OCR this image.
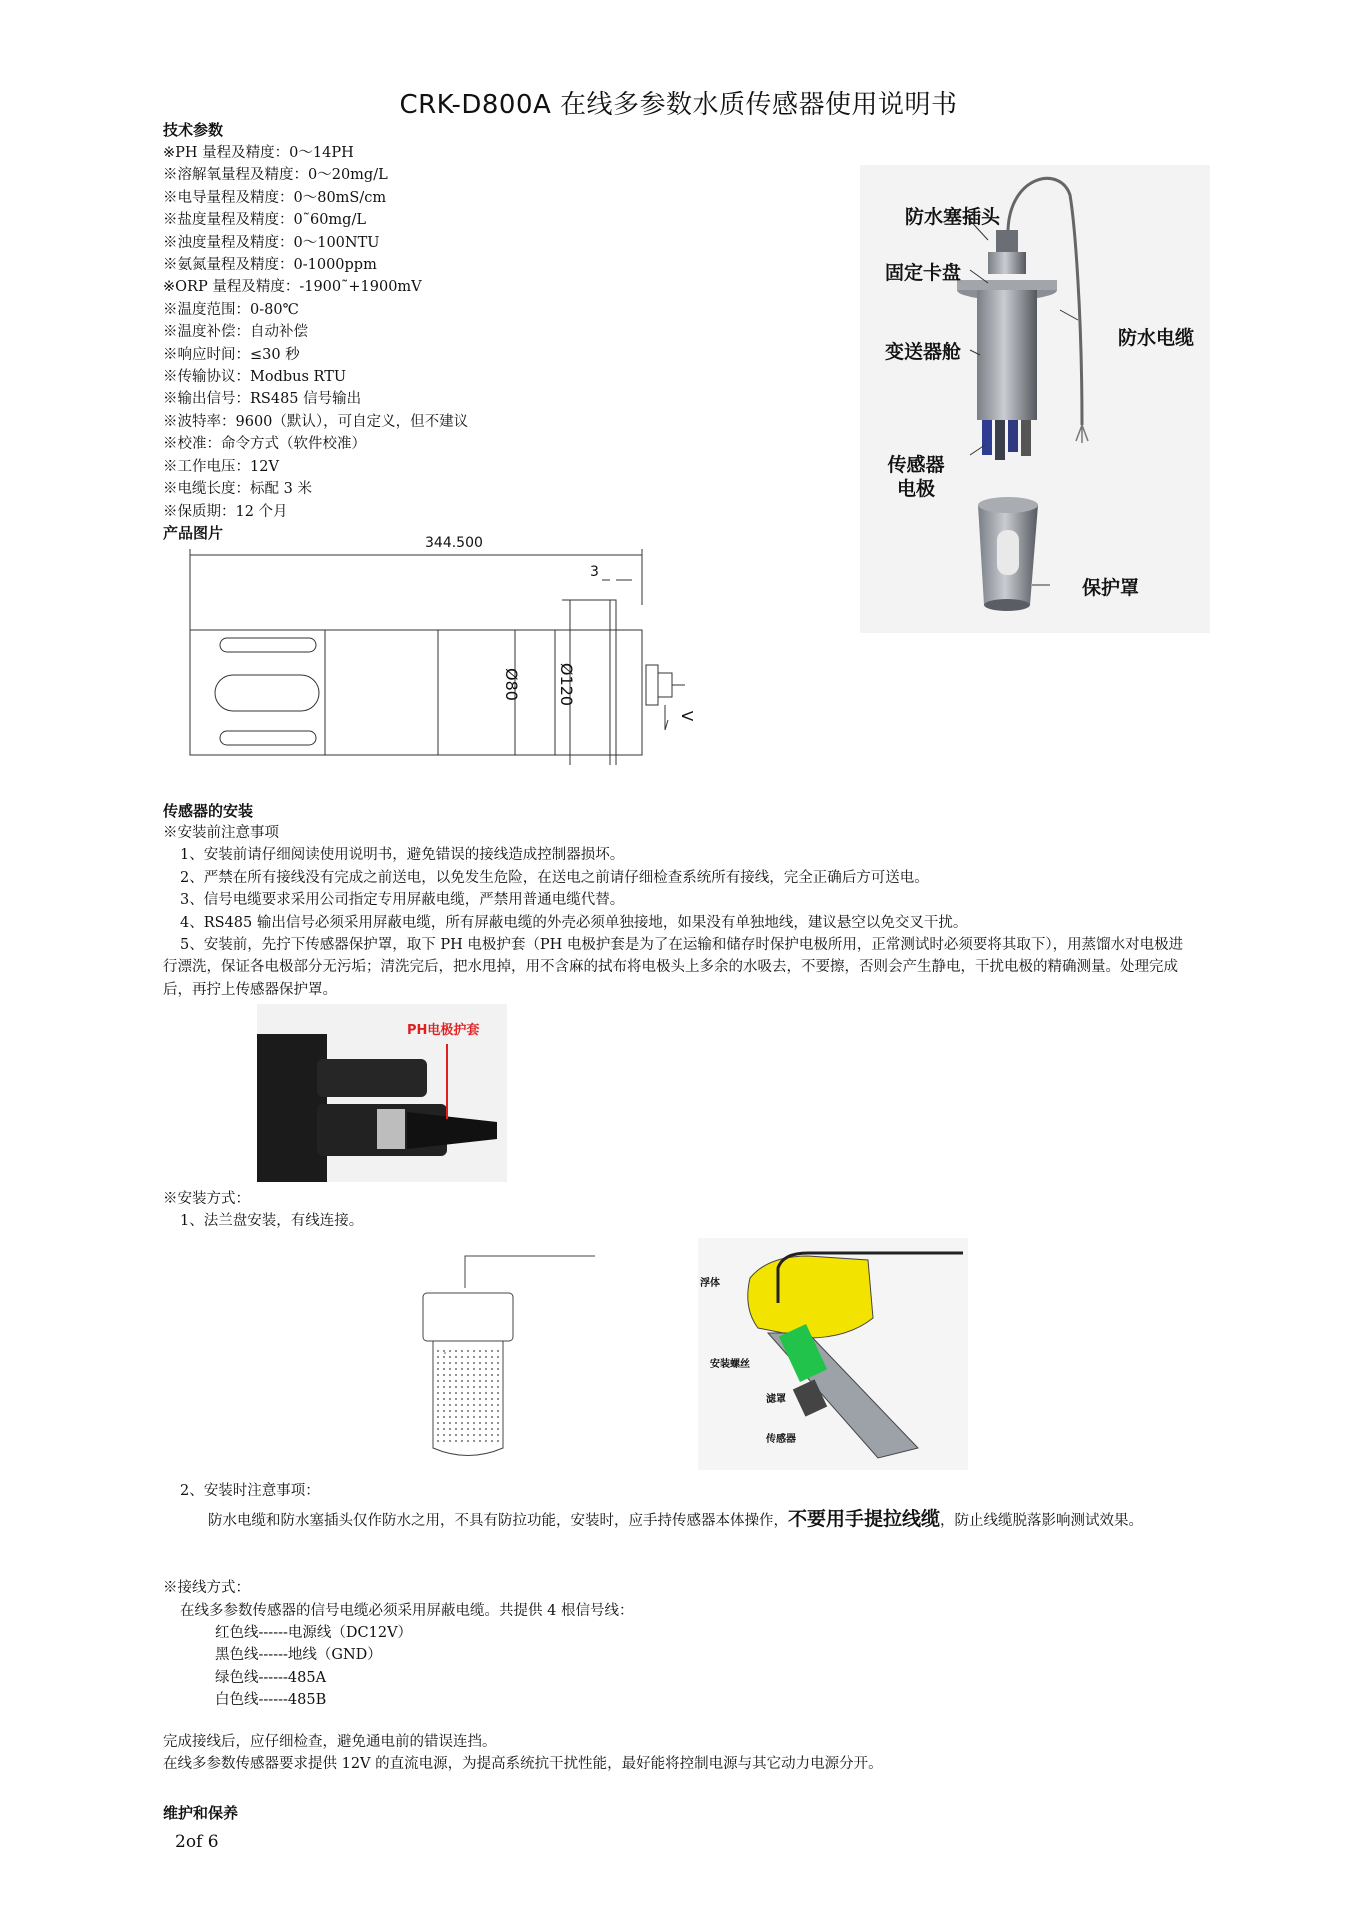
CRK-D800A 在线多参数水质传感器使用说明书
技术参数
※PH 量程及精度：0～14PH
※溶解氧量程及精度：0～20mg/L
※电导量程及精度：0～80mS/cm
※盐度量程及精度：0˜60mg/L
※浊度量程及精度：0～100NTU
※氨氮量程及精度：0-1000ppm
※ORP 量程及精度：-1900˜+1900mV
※温度范围：0-80℃
※温度补偿：自动补偿
※响应时间：≤30 秒
※传输协议：Modbus RTU
※输出信号：RS485 信号输出
※波特率：9600（默认），可自定义，但不建议
※校准：命令方式（软件校准）
※工作电压：12V
※电缆长度：标配 3 米
※保质期：12 个月
产品图片
防水塞插头
固定卡盘
防水电缆
变送器舱
传感器电极
保护罩
344.500
3
Ø80 Ø120
V
传感器的安装

※安装前注意事项

1、安装前请仔细阅读使用说明书，避免错误的接线造成控制器损坏。

2、严禁在所有接线没有完成之前送电，以免发生危险，在送电之前请仔细检查系统所有接线，完全正确后方可送电。

3、信号电缆要求采用公司指定专用屏蔽电缆，严禁用普通电缆代替。

4、RS485 输出信号必须采用屏蔽电缆，所有屏蔽电缆的外壳必须单独接地，如果没有单独地线，建议悬空以免交叉干扰。

5、安装前，先拧下传感器保护罩，取下 PH 电极护套（PH 电极护套是为了在运输和储存时保护电极所用，正常测试时必须要将其取下），用蒸馏水对电极进行漂洗，保证各电极部分无污垢；清洗完后，把水甩掉，用不含麻的拭布将电极头上多余的水吸去，不要擦，否则会产生静电，干扰电极的精确测量。处理完成后，再拧上传感器保护罩。

PH电极护套
※安装方式：
1、法兰盘安装，有线连接。
浮体
安装螺丝
滤罩
传感器
2、安装时注意事项：
防水电缆和防水塞插头仅作防水之用，不具有防拉功能，安装时，应手持传感器本体操作，不要用手提拉线缆，防止线缆脱落影响测试效果。
※接线方式：
在线多参数传感器的信号电缆必须采用屏蔽电缆。共提供 4 根信号线：
红色线------电源线（DC12V）
黑色线------地线（GND）
绿色线------485A
白色线------485B
完成接线后，应仔细检查，避免通电前的错误连挡。
在线多参数传感器要求提供 12V 的直流电源，为提高系统抗干扰性能，最好能将控制电源与其它动力电源分开。
维护和保养
2of 6
